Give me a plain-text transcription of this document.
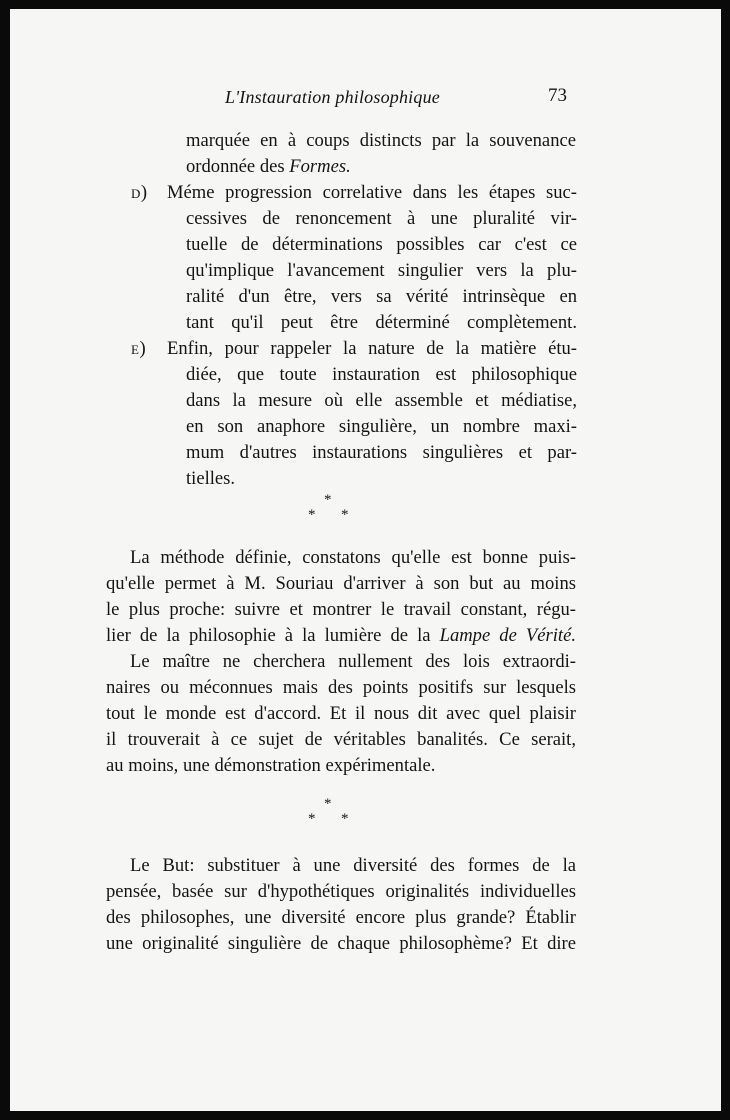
L'Instauration philosophique	73
marquée en à coups distincts par la souvenance
ordonnée des Formes.
D) Méme progression correlative dans les étapes suc-
cessives de renoncement à une pluralité vir-
tuelle de déterminations possibles car c'est ce
qu'implique l'avancement singulier vers la plu-
ralité d'un être, vers sa vérité intrinsèque en
tant qu'il peut être déterminé complètement.
E) Enfin, pour rappeler la nature de la matière étu-
diée, que toute instauration est philosophique
dans la mesure où elle assemble et médiatise,
en son anaphore singulière, un nombre maxi-
mum d'autres instaurations singulières et par-
tielles.
*
* *
La méthode définie, constatons qu'elle est bonne puis-
qu'elle permet à M. Souriau d'arriver à son but au moins
le plus proche: suivre et montrer le travail constant, régu-
lier de la philosophie à la lumière de la Lampe de Vérité.
Le maître ne cherchera nullement des lois extraordi-
naires ou méconnues mais des points positifs sur lesquels
tout le monde est d'accord. Et il nous dit avec quel plaisir
il trouverait à ce sujet de véritables banalités. Ce serait,
au moins, une démonstration expérimentale.
*
* *
Le But: substituer à une diversité des formes de la
pensée, basée sur d'hypothétiques originalités individuelles
des philosophes, une diversité encore plus grande? Établir
une originalité singulière de chaque philosophème? Et dire
